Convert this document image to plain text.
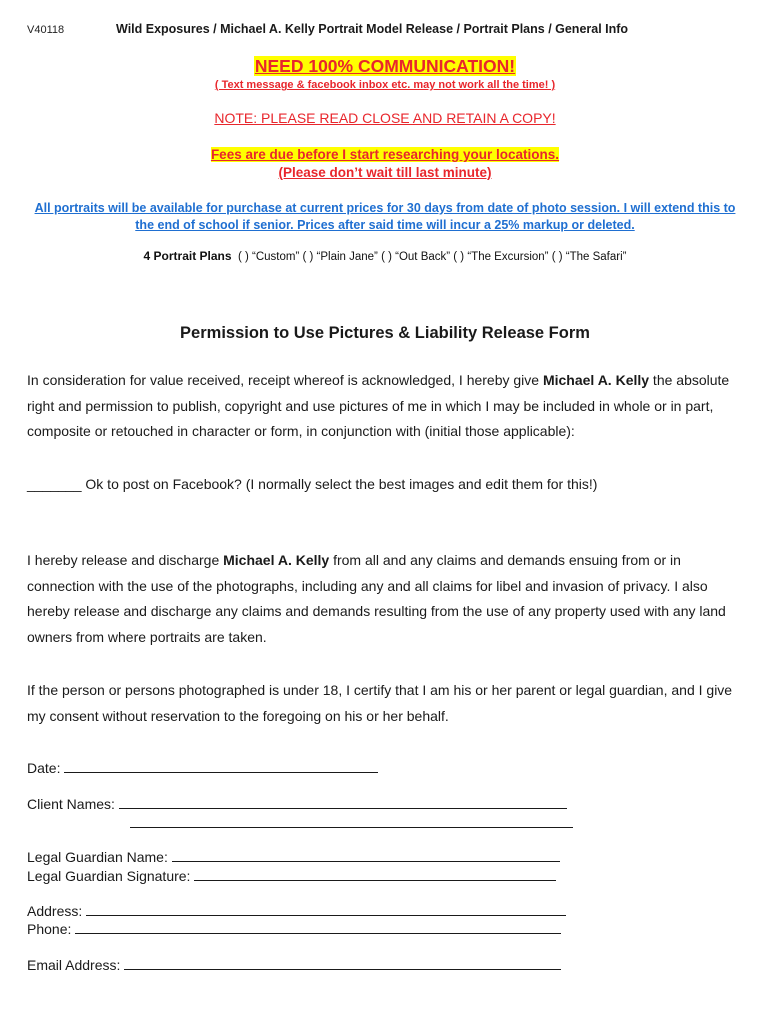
V40118	Wild Exposures / Michael A. Kelly Portrait Model Release / Portrait Plans / General Info
NEED 100% COMMUNICATION!
( Text message & facebook inbox etc. may not work all the time! )
NOTE: PLEASE READ CLOSE AND RETAIN A COPY!
Fees are due before I start researching your locations.
(Please don’t wait till last minute)
All portraits will be available for purchase at current prices for 30 days from date of photo session. I will extend this to the end of school if senior. Prices after said time will incur a 25% markup or deleted.
4 Portrait Plans ( ) “Custom” ( ) “Plain Jane” ( ) “Out Back” ( ) “The Excursion” ( ) “The Safari”
Permission to Use Pictures & Liability Release Form
In consideration for value received, receipt whereof is acknowledged, I hereby give Michael A. Kelly the absolute right and permission to publish, copyright and use pictures of me in which I may be included in whole or in part, composite or retouched in character or form, in conjunction with (initial those applicable):
_______ Ok to post on Facebook? (I normally select the best images and edit them for this!)
I hereby release and discharge Michael A. Kelly from all and any claims and demands ensuing from or in connection with the use of the photographs, including any and all claims for libel and invasion of privacy. I also hereby release and discharge any claims and demands resulting from the use of any property used with any land owners from where portraits are taken.
If the person or persons photographed is under 18, I certify that I am his or her parent or legal guardian, and I give my consent without reservation to the foregoing on his or her behalf.
Date:
Client Names:
Legal Guardian Name:
Legal Guardian Signature:
Address:
Phone:
Email Address:
